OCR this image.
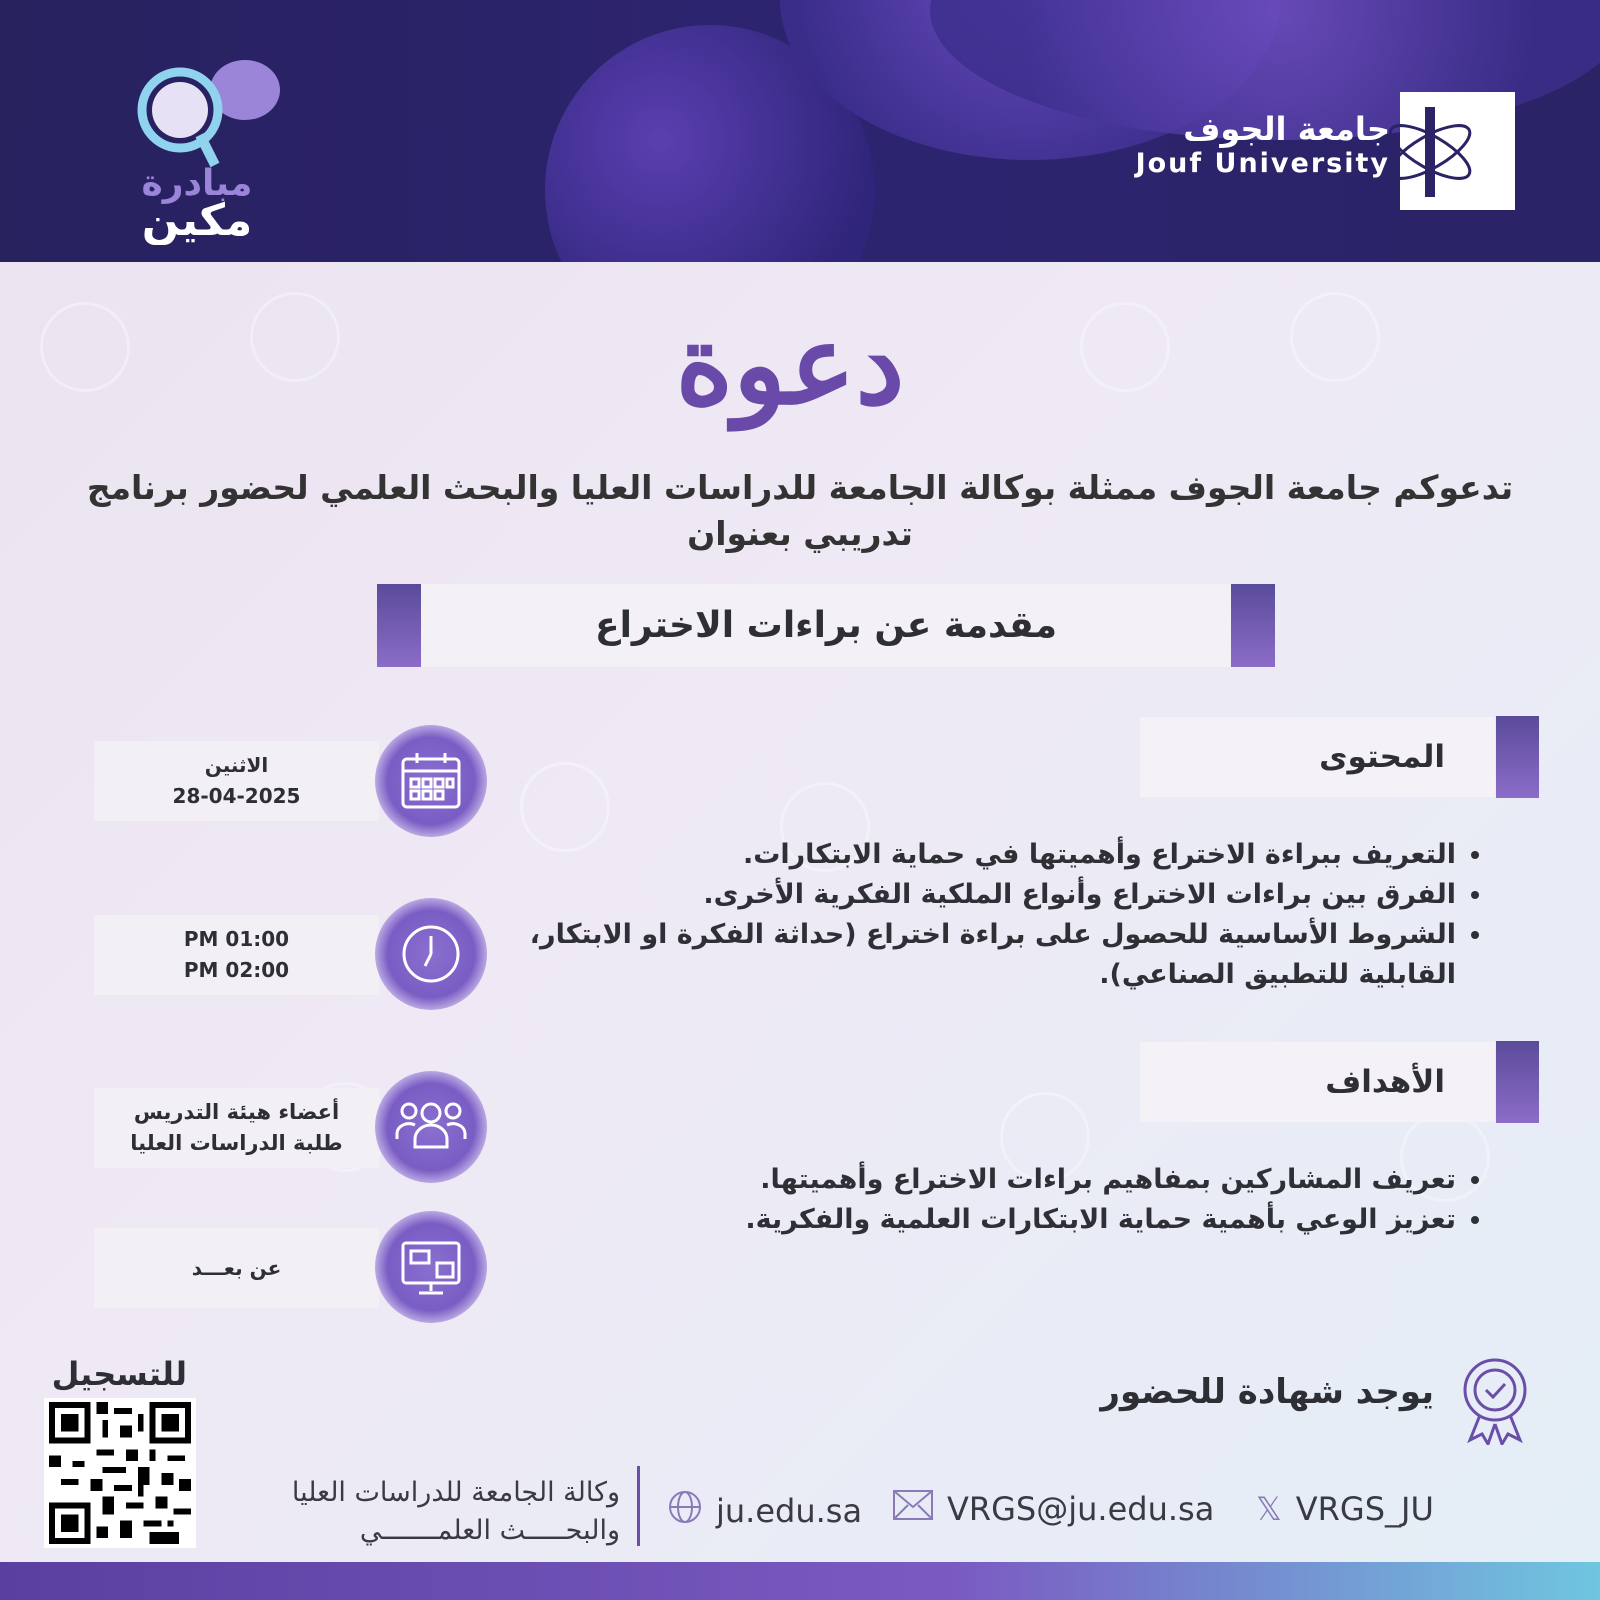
مبادرة
مكين
جامعة الجوف
Jouf University
دعوة
تدعوكم جامعة الجوف ممثلة بوكالة الجامعة للدراسات العليا والبحث العلمي لحضور برنامج تدريبي بعنوان
مقدمة عن براءات الاختراع
المحتوى
• التعريف ببراءة الاختراع وأهميتها في حماية الابتكارات.
• الفرق بين براءات الاختراع وأنواع الملكية الفكرية الأخرى.
• الشروط الأساسية للحصول على براءة اختراع (حداثة الفكرة او الابتكار، القابلية للتطبيق الصناعي).
الأهداف
• تعريف المشاركين بمفاهيم براءات الاختراع وأهميتها.
• تعزيز الوعي بأهمية حماية الابتكارات العلمية والفكرية.
الاثنين
28-04-2025
01:00 PM
02:00 PM
أعضاء هيئة التدريس
طلبة الدراسات العليا
عن بعـــد
يوجد شهادة للحضور
للتسجيل
وكالة الجامعة للدراسات العليا
والبحـــــث العلمـــــــي
ju.edu.sa	VRGS@ju.edu.sa 𝕏 VRGS_JU
